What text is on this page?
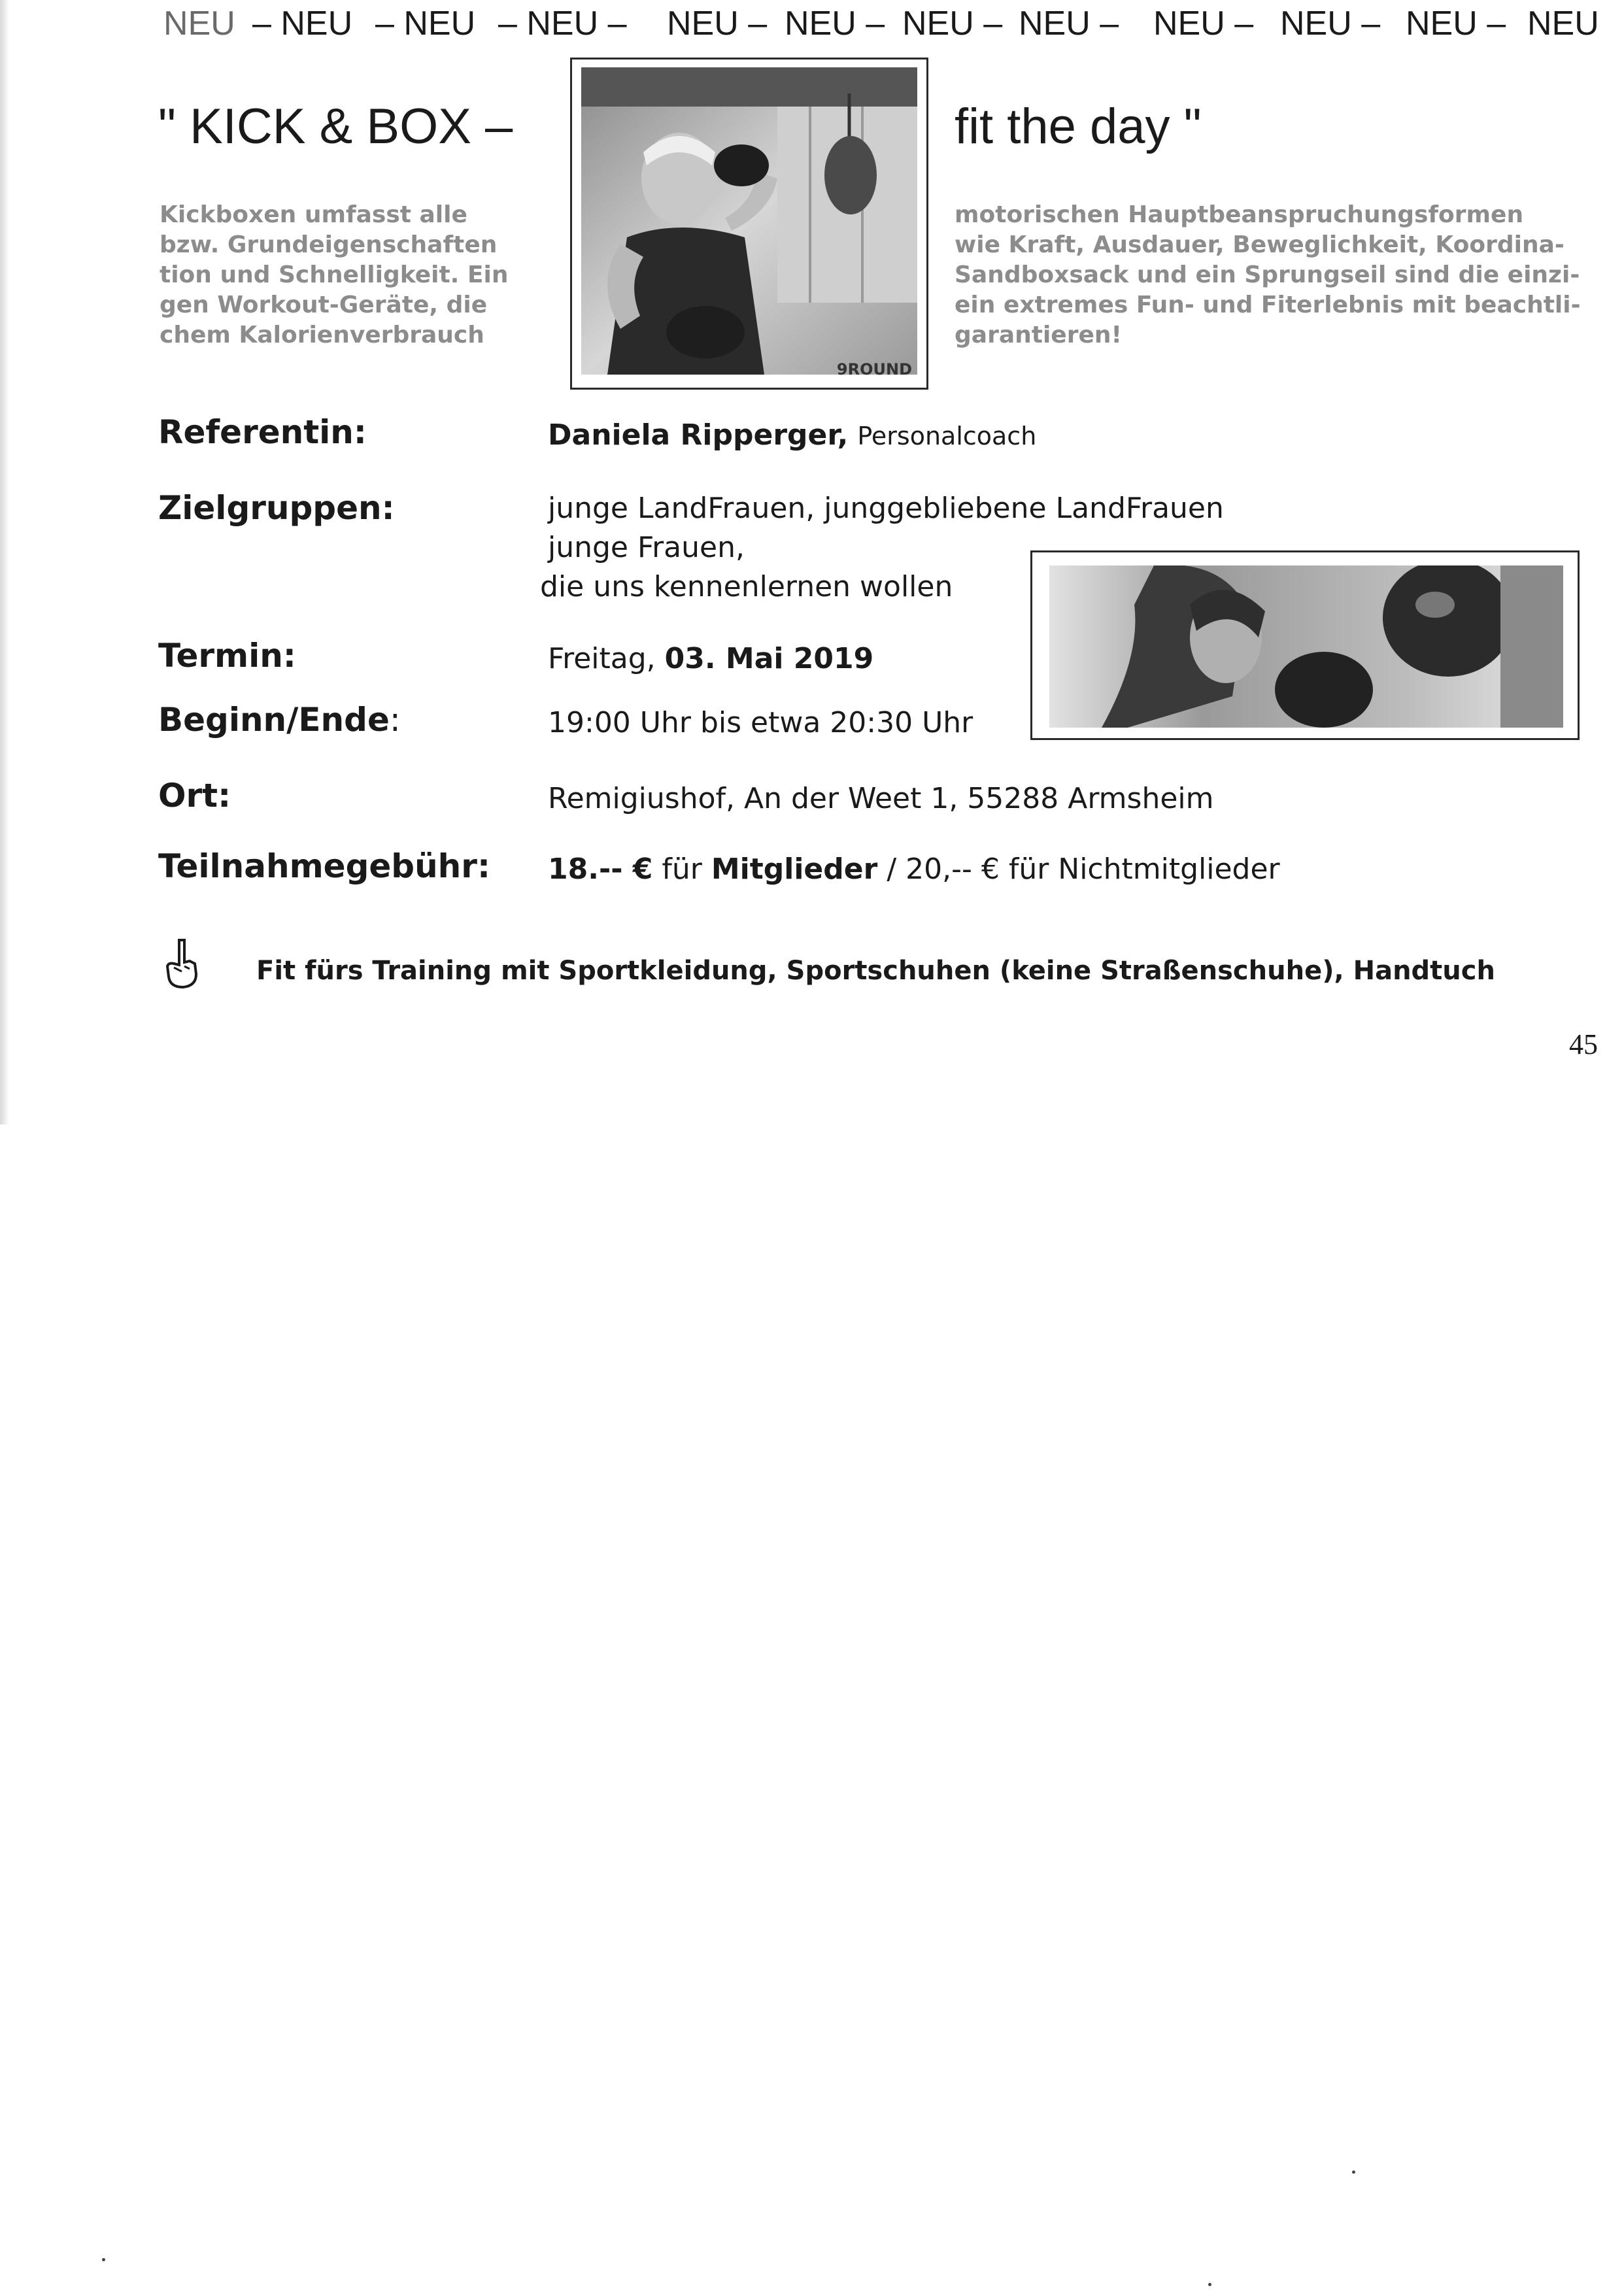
NEU – NEU – NEU – NEU – NEU – NEU – NEU – NEU – NEU – NEU – NEU – NEU
" KICK & BOX –	fit the day "
Kickboxen umfasst alle
bzw. Grundeigenschaften
tion und Schnelligkeit. Ein
gen Workout-Geräte, die
chem Kalorienverbrauch
motorischen Hauptbeanspruchungsformen
wie Kraft, Ausdauer, Beweglichkeit, Koordina-
Sandboxsack und ein Sprungseil sind die einzi-
ein extremes Fun- und Fiterlebnis mit beachtli-
garantieren!
9ROUND
Referentin:	Daniela Ripperger, Personalcoach
Zielgruppen:	junge LandFrauen, junggebliebene LandFrauen
junge Frauen,
die uns kennenlernen wollen
Termin:	Freitag, 03. Mai 2019
Beginn/Ende:	19:00 Uhr bis etwa 20:30 Uhr
Ort:	Remigiushof, An der Weet 1, 55288 Armsheim
Teilnahmegebühr: 18.-- € für Mitglieder / 20,-- € für Nichtmitglieder
Fit fürs Training mit Sportkleidung, Sportschuhen (keine Straßenschuhe), Handtuch
45
